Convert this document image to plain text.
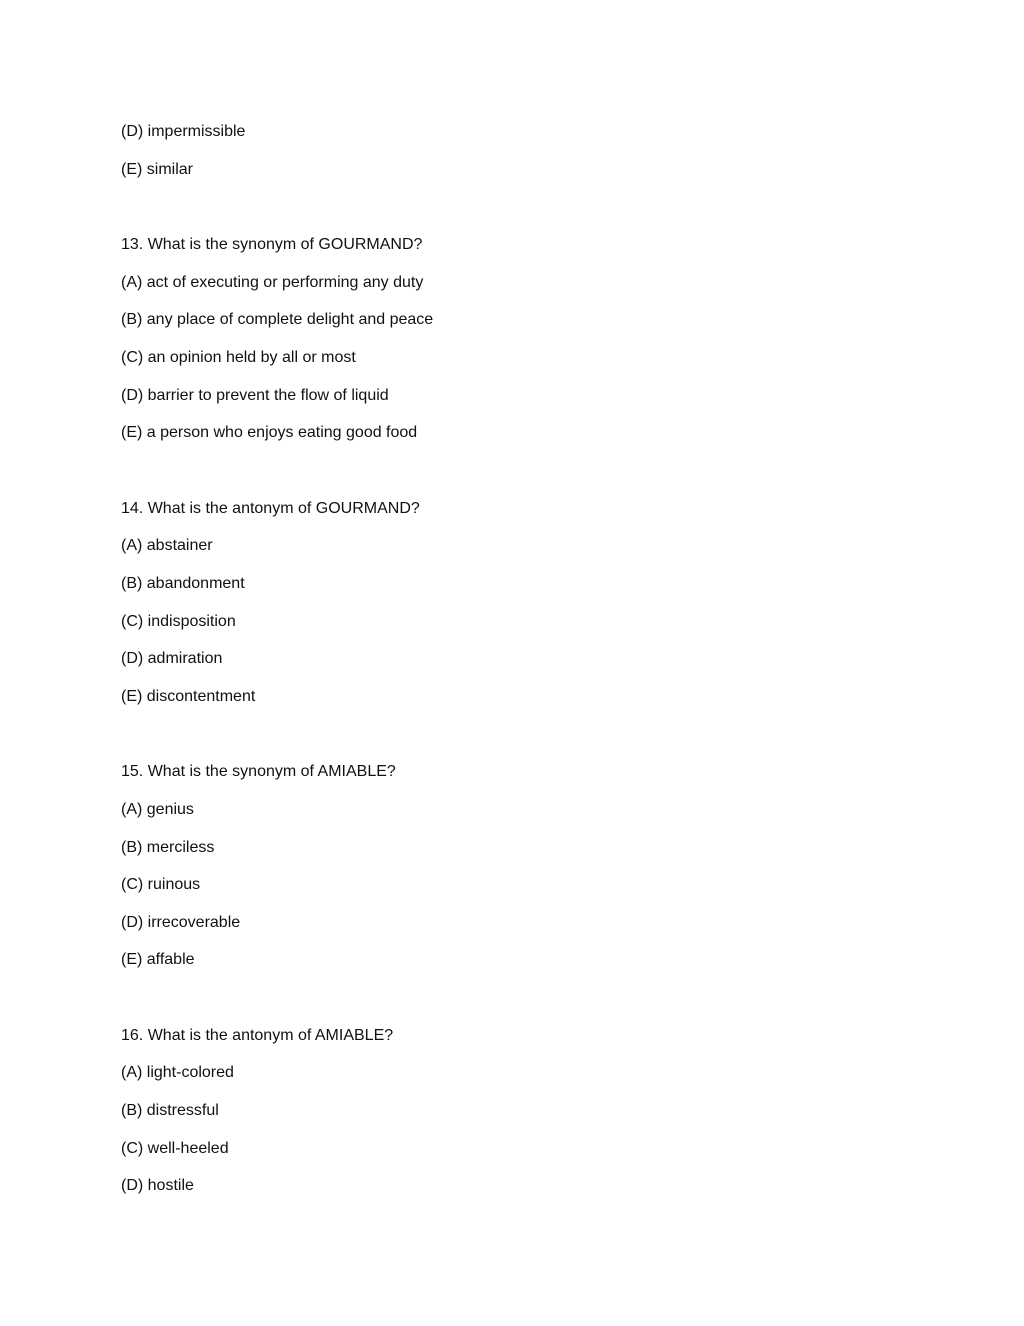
(D) impermissible
(E) similar
13. What is the synonym of GOURMAND?
(A) act of executing or performing any duty
(B) any place of complete delight and peace
(C) an opinion held by all or most
(D) barrier to prevent the flow of liquid
(E) a person who enjoys eating good food
14. What is the antonym of GOURMAND?
(A) abstainer
(B) abandonment
(C) indisposition
(D) admiration
(E) discontentment
15. What is the synonym of AMIABLE?
(A) genius
(B) merciless
(C) ruinous
(D) irrecoverable
(E) affable
16. What is the antonym of AMIABLE?
(A) light-colored
(B) distressful
(C) well-heeled
(D) hostile
